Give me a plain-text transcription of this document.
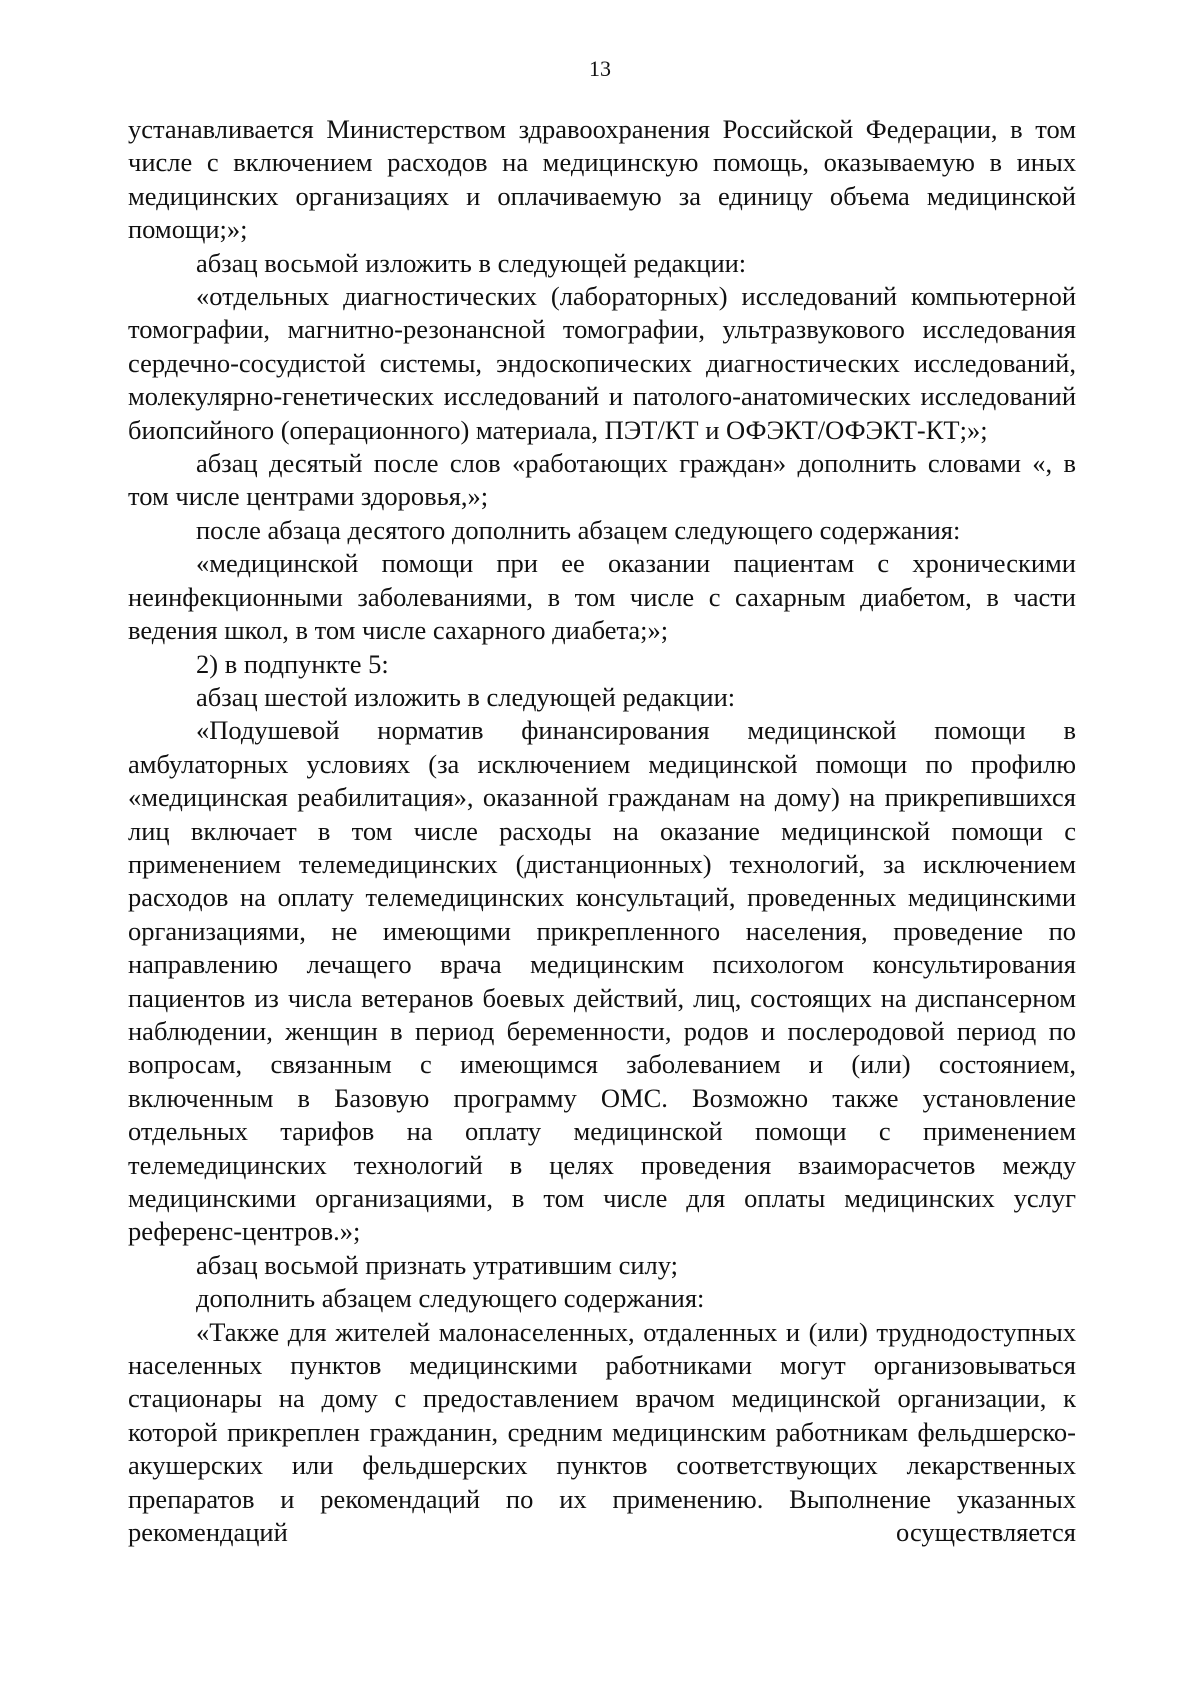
13

устанавливается Министерством здравоохранения Российской Федерации, в том числе с включением расходов на медицинскую помощь, оказываемую в иных медицинских организациях и оплачиваемую за единицу объема медицинской помощи;»;

абзац восьмой изложить в следующей редакции:

«отдельных диагностических (лабораторных) исследований компьютерной томографии, магнитно-резонансной томографии, ультразвукового исследования сердечно-сосудистой системы, эндоскопических диагностических исследований, молекулярно-генетических исследований и патолого-анатомических исследований биопсийного (операционного) материала, ПЭТ/КТ и ОФЭКТ/ОФЭКТ-КТ;»;

абзац десятый после слов «работающих граждан» дополнить словами «, в том числе центрами здоровья,»;

после абзаца десятого дополнить абзацем следующего содержания:

«медицинской помощи при ее оказании пациентам с хроническими неинфекционными заболеваниями, в том числе с сахарным диабетом, в части ведения школ, в том числе сахарного диабета;»;

2) в подпункте 5:

абзац шестой изложить в следующей редакции:

«Подушевой норматив финансирования медицинской помощи в амбулаторных условиях (за исключением медицинской помощи по профилю «медицинская реабилитация», оказанной гражданам на дому) на прикрепившихся лиц включает в том числе расходы на оказание медицинской помощи с применением телемедицинских (дистанционных) технологий, за исключением расходов на оплату телемедицинских консультаций, проведенных медицинскими организациями, не имеющими прикрепленного населения, проведение по направлению лечащего врача медицинским психологом консультирования пациентов из числа ветеранов боевых действий, лиц, состоящих на диспансерном наблюдении, женщин в период беременности, родов и послеродовой период по вопросам, связанным с имеющимся заболеванием и (или) состоянием, включенным в Базовую программу ОМС. Возможно также установление отдельных тарифов на оплату медицинской помощи с применением телемедицинских технологий в целях проведения взаиморасчетов между медицинскими организациями, в том числе для оплаты медицинских услуг референс-центров.»;

абзац восьмой признать утратившим силу;

дополнить абзацем следующего содержания:

«Также для жителей малонаселенных, отдаленных и (или) труднодоступных населенных пунктов медицинскими работниками могут организовываться стационары на дому с предоставлением врачом медицинской организации, к которой прикреплен гражданин, средним медицинским работникам фельдшерско-акушерских или фельдшерских пунктов соответствующих лекарственных препаратов и рекомендаций по их применению. Выполнение указанных рекомендаций осуществляется
